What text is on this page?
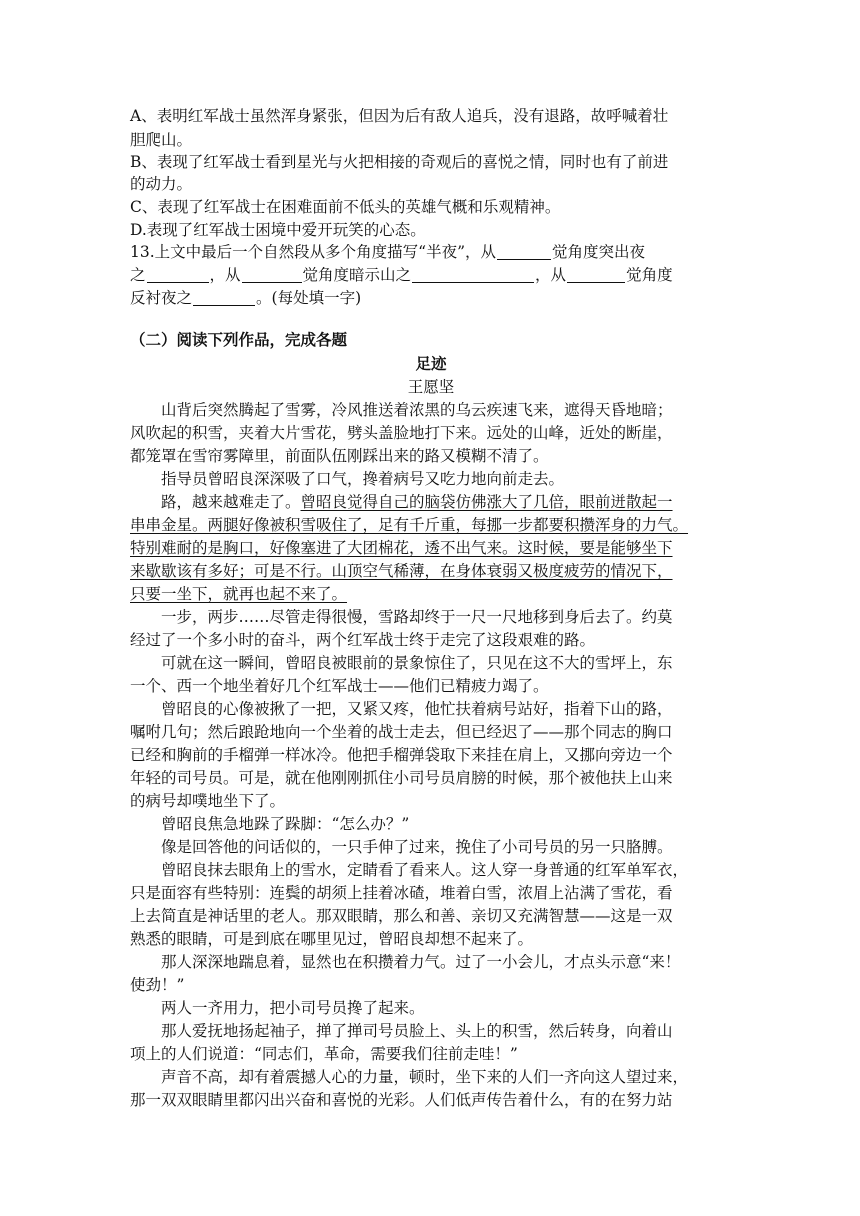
A、表明红军战士虽然浑身紧张，但因为后有敌人追兵，没有退路，故呼喊着壮
胆爬山。
B、表现了红军战士看到星光与火把相接的奇观后的喜悦之情，同时也有了前进
的动力。
C、表现了红军战士在困难面前不低头的英雄气概和乐观精神。
D.表现了红军战士困境中爱开玩笑的心态。
13.上文中最后一个自然段从多个角度描写“半夜”，从	觉角度突出夜
之	，从	觉角度暗示山之	，从	觉角度
反衬夜之	。(每处填一字)
（二）阅读下列作品，完成各题
足迹
王愿坚
山背后突然腾起了雪雾，冷风推送着浓黑的乌云疾速飞来，遮得天昏地暗；
风吹起的积雪，夹着大片雪花，劈头盖脸地打下来。远处的山峰，近处的断崖，
都笼罩在雪帘雾障里，前面队伍刚踩出来的路又模糊不清了。
指导员曾昭良深深吸了口气，搀着病号又吃力地向前走去。
路，越来越难走了。曾昭良觉得自己的脑袋仿佛涨大了几倍，眼前迸散起一
串串金星。两腿好像被积雪吸住了，足有千斤重，每挪一步都要积攒浑身的力气。
特别难耐的是胸口，好像塞进了大团棉花，透不出气来。这时候，要是能够坐下
来歇歇该有多好；可是不行。山顶空气稀薄，在身体衰弱又极度疲劳的情况下，
只要一坐下，就再也起不来了。
一步，两步……尽管走得很慢，雪路却终于一尺一尺地移到身后去了。约莫
经过了一个多小时的奋斗，两个红军战士终于走完了这段艰难的路。
可就在这一瞬间，曾昭良被眼前的景象惊住了，只见在这不大的雪坪上，东
一个、西一个地坐着好几个红军战士——他们已精疲力竭了。
曾昭良的心像被揪了一把，又紧又疼，他忙扶着病号站好，指着下山的路，
嘱咐几句；然后踉跄地向一个坐着的战士走去，但已经迟了——那个同志的胸口
已经和胸前的手榴弹一样冰冷。他把手榴弹袋取下来挂在肩上，又挪向旁边一个
年轻的司号员。可是，就在他刚刚抓住小司号员肩膀的时候，那个被他扶上山来
的病号却噗地坐下了。
曾昭良焦急地跺了跺脚：“怎么办？”
像是回答他的问话似的，一只手伸了过来，挽住了小司号员的另一只胳膊。
曾昭良抹去眼角上的雪水，定睛看了看来人。这人穿一身普通的红军单军衣，
只是面容有些特别：连鬓的胡须上挂着冰碴，堆着白雪，浓眉上沾满了雪花，看
上去简直是神话里的老人。那双眼睛，那么和善、亲切又充满智慧——这是一双
熟悉的眼睛，可是到底在哪里见过，曾昭良却想不起来了。
那人深深地踹息着，显然也在积攒着力气。过了一小会儿，才点头示意“来！
使劲！”
两人一齐用力，把小司号员搀了起来。
那人爱抚地扬起袖子，掸了掸司号员脸上、头上的积雪，然后转身，向着山
项上的人们说道：“同志们，革命，需要我们往前走哇！”
声音不高，却有着震撼人心的力量，顿时，坐下来的人们一齐向这人望过来，
那一双双眼睛里都闪出兴奋和喜悦的光彩。人们低声传告着什么，有的在努力站
